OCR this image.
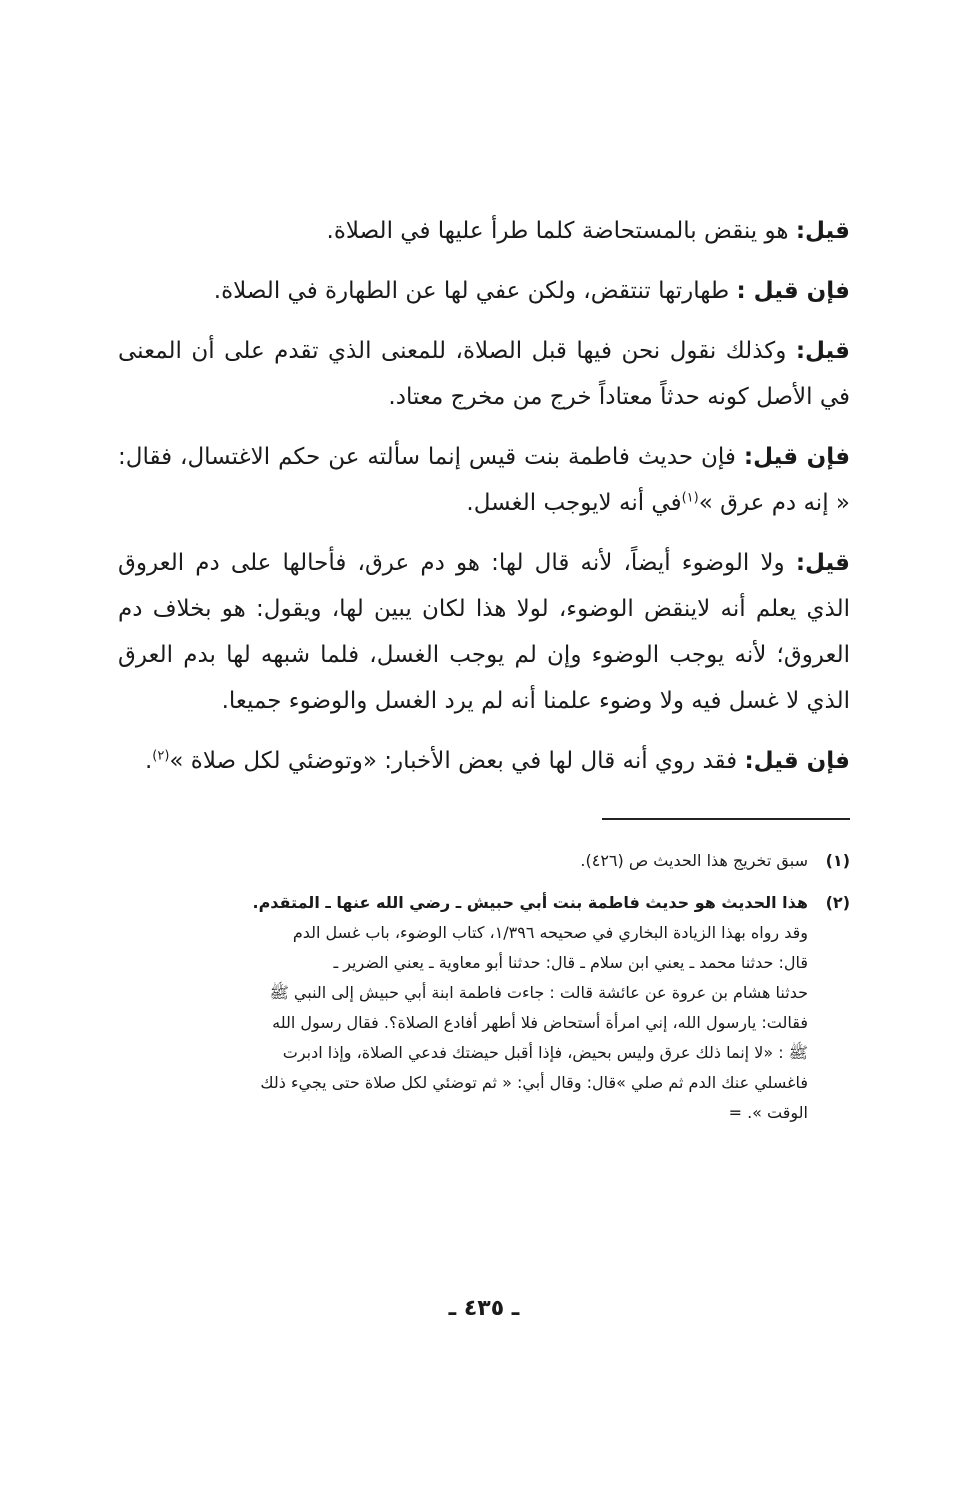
قيل: هو ينقض بالمستحاضة كلما طرأ عليها في الصلاة.

فإن قيل : طهارتها تنتقض، ولكن عفي لها عن الطهارة في الصلاة.

قيل: وكذلك نقول نحن فيها قبل الصلاة، للمعنى الذي تقدم على أن المعنى في الأصل كونه حدثاً معتاداً خرج من مخرج معتاد.

فإن قيل: فإن حديث فاطمة بنت قيس إنما سألته عن حكم الاغتسال، فقال: « إنه دم عرق »$^{(١)}$في أنه لايوجب الغسل.

قيل: ولا الوضوء أيضاً، لأنه قال لها: هو دم عرق، فأحالها على دم العروق الذي يعلم أنه لاينقض الوضوء، لولا هذا لكان يبين لها، ويقول: هو بخلاف دم العروق؛ لأنه يوجب الوضوء وإن لم يوجب الغسل، فلما شبهه لها بدم العرق الذي لا غسل فيه ولا وضوء علمنا أنه لم يرد الغسل والوضوء جميعا.

فإن قيل: فقد روي أنه قال لها في بعض الأخبار: «وتوضئي لكل صلاة »$^{(٢)}$.

(١)
سبق تخريج هذا الحديث ص (٤٢٦).
(٢)
هذا الحديث هو حديث فاطمة بنت أبي حبيش ـ رضي الله عنها ـ المتقدم.
وقد رواه بهذا الزيادة البخاري في صحيحه ١/٣٩٦، كتاب الوضوء، باب غسل الدم
قال: حدثنا محمد ـ يعني ابن سلام ـ قال: حدثنا أبو معاوية ـ يعني الضرير ـ
حدثنا هشام بن عروة عن عائشة قالت : جاءت فاطمة ابنة أبي حبيش إلى النبي ﷺ
فقالت: يارسول الله، إني امرأة أستحاض فلا أطهر أفادع الصلاة؟. فقال رسول الله
ﷺ : «لا إنما ذلك عرق وليس بحيض، فإذا أقبل حيضتك فدعي الصلاة، وإذا ادبرت
فاغسلي عنك الدم ثم صلي »قال: وقال أبي: « ثم توضئي لكل صلاة حتى يجيء ذلك
الوقت ». =
ـ ٤٣٥ ـ
